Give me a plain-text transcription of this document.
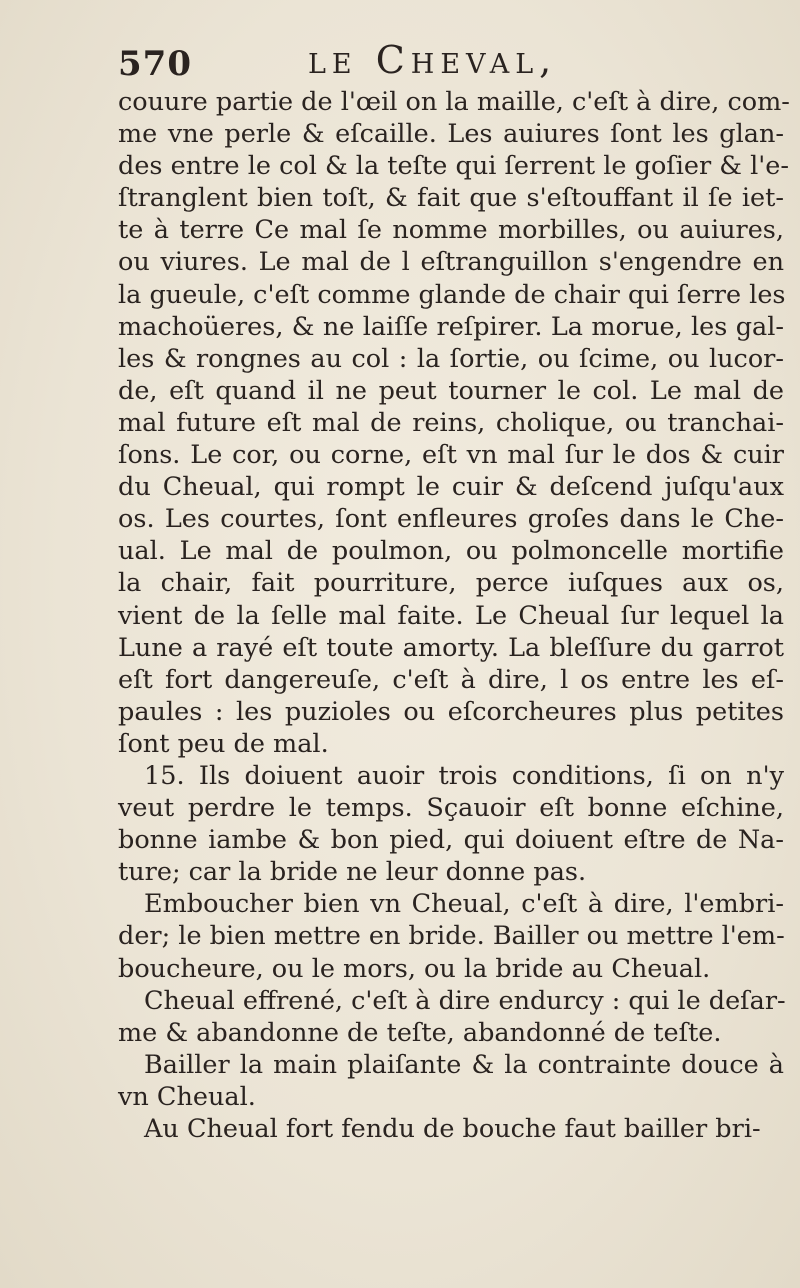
570	le Cheval,
couure partie de l'œil on la maille, c'eſt à dire, com-
me vne perle & eſcaille. Les auiures ſont les glan-
des entre le col & la teſte qui ſerrent le goſier & l'e-
ſtranglent bien toſt, & fait que s'eſtouffant il ſe iet-
te à terre Ce mal ſe nomme morbilles, ou auiures,
ou viures. Le mal de l eſtranguillon s'engendre en
la gueule, c'eſt comme glande de chair qui ſerre les
machoüeres, & ne laiſſe reſpirer. La morue, les gal-
les & rongnes au col : la ſortie, ou ſcime, ou lucor-
de, eſt quand il ne peut tourner le col. Le mal de
mal future eſt mal de reins, cholique, ou tranchai-
ſons. Le cor, ou corne, eſt vn mal ſur le dos & cuir
du Cheual, qui rompt le cuir & deſcend juſqu'aux
os. Les courtes, ſont enfleures groſes dans le Che-
ual. Le mal de poulmon, ou polmoncelle mortifie
la chair, fait pourriture, perce iuſques aux os,
vient de la ſelle mal faite. Le Cheual ſur lequel la
Lune a rayé eſt toute amorty. La bleſſure du garrot
eſt fort dangereuſe, c'eſt à dire, l os entre les eſ-
paules : les puzioles ou eſcorcheures plus petites
ſont peu de mal.
15. Ils doiuent auoir trois conditions, ſi on n'y
veut perdre le temps. Sçauoir eſt bonne eſchine,
bonne iambe & bon pied, qui doiuent eſtre de Na-
ture; car la bride ne leur donne pas.
Emboucher bien vn Cheual, c'eſt à dire, l'embri-
der; le bien mettre en bride. Bailler ou mettre l'em-
boucheure, ou le mors, ou la bride au Cheual.
Cheual effrené, c'eſt à dire endurcy : qui le deſar-
me & abandonne de teſte, abandonné de teſte.
Bailler la main plaiſante & la contrainte douce à
vn Cheual.
Au Cheual fort fendu de bouche faut bailler bri-
